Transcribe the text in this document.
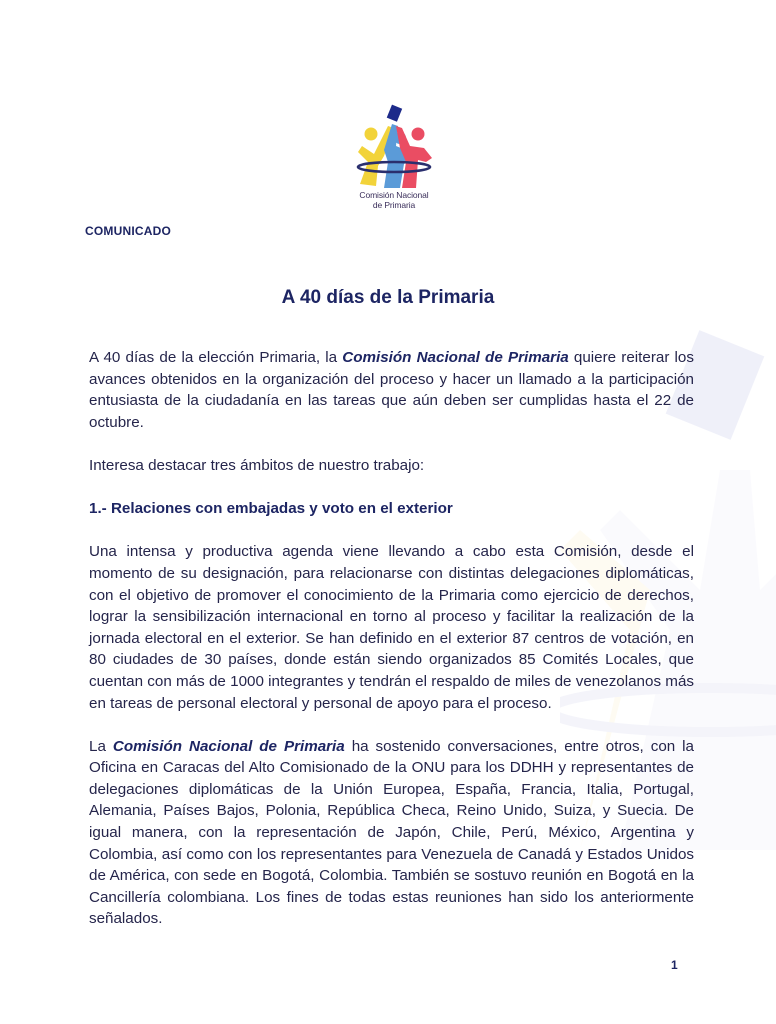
Comisión Nacional
de Primaria
COMUNICADO
A 40 días de la Primaria

A 40 días de la elección Primaria, la Comisión Nacional de Primaria quiere reiterar los avances obtenidos en la organización del proceso y hacer un llamado a la participación entusiasta de la ciudadanía en las tareas que aún deben ser cumplidas hasta el 22 de octubre.

Interesa destacar tres ámbitos de nuestro trabajo:

1.- Relaciones con embajadas y voto en el exterior

Una intensa y productiva agenda viene llevando a cabo esta Comisión, desde el momento de su designación, para relacionarse con distintas delegaciones diplomáticas, con el objetivo de promover el conocimiento de la Primaria como ejercicio de derechos, lograr la sensibilización internacional en torno al proceso y facilitar la realización de la jornada electoral en el exterior. Se han definido en el exterior 87 centros de votación, en 80 ciudades de 30 países, donde están siendo organizados 85 Comités Locales, que cuentan con más de 1000 integrantes y tendrán el respaldo de miles de venezolanos más en tareas de personal electoral y personal de apoyo para el proceso.

La Comisión Nacional de Primaria ha sostenido conversaciones, entre otros, con la Oficina en Caracas del Alto Comisionado de la ONU para los DDHH y representantes de delegaciones diplomáticas de la Unión Europea, España, Francia, Italia, Portugal, Alemania, Países Bajos, Polonia, República Checa, Reino Unido, Suiza, y Suecia. De igual manera, con la representación de Japón, Chile, Perú, México, Argentina y Colombia, así como con los representantes para Venezuela de Canadá y Estados Unidos de América, con sede en Bogotá, Colombia. También se sostuvo reunión en Bogotá en la Cancillería colombiana. Los fines de todas estas reuniones han sido los anteriormente señalados.

1
